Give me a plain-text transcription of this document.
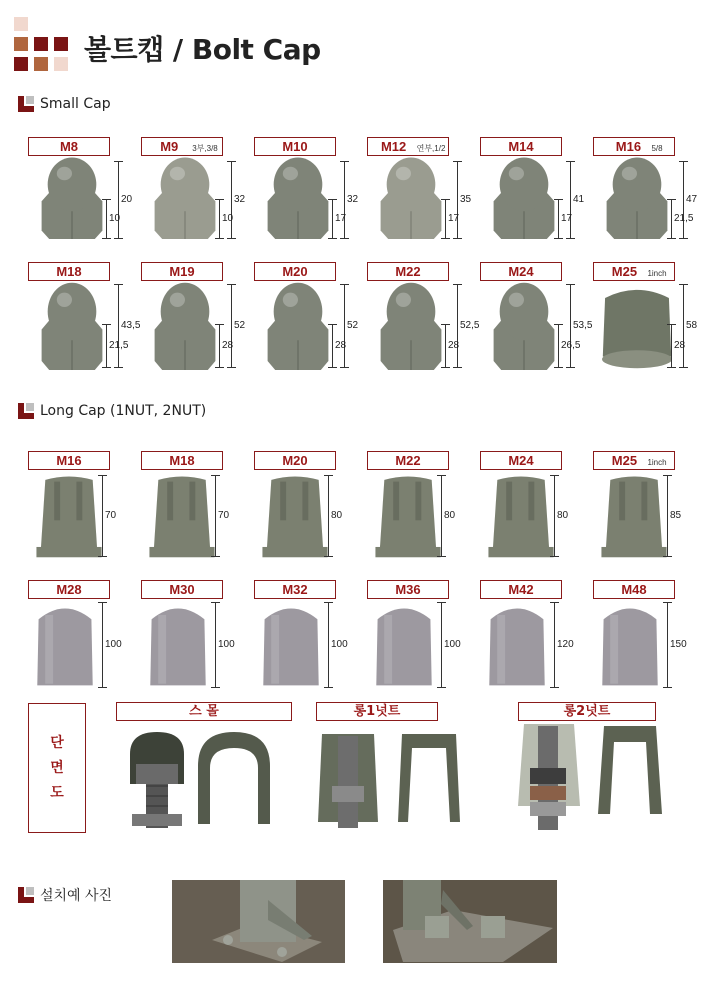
볼트캡 / Bolt Cap
Small Cap
Long Cap (1NUT, 2NUT)
설치예 사진
M8
20
10
M9 3부,3/8
32
10
M10
32
17
M12 연부,1/2
35
17
M14
41
17
M16 5/8
47
21,5
M18
43,5
21,5
M19
52
28
M20
52
28
M22
52,5
28
M24
53,5
26,5
M25 1inch
58
28
M16
70
M18
70
M20
80
M22
80
M24
80
M25 1inch
85
M28
100
M30
100
M32
100
M36
100
M42
120
M48
150
단
면
도
스 몰	롱1넛트	롱2넛트
